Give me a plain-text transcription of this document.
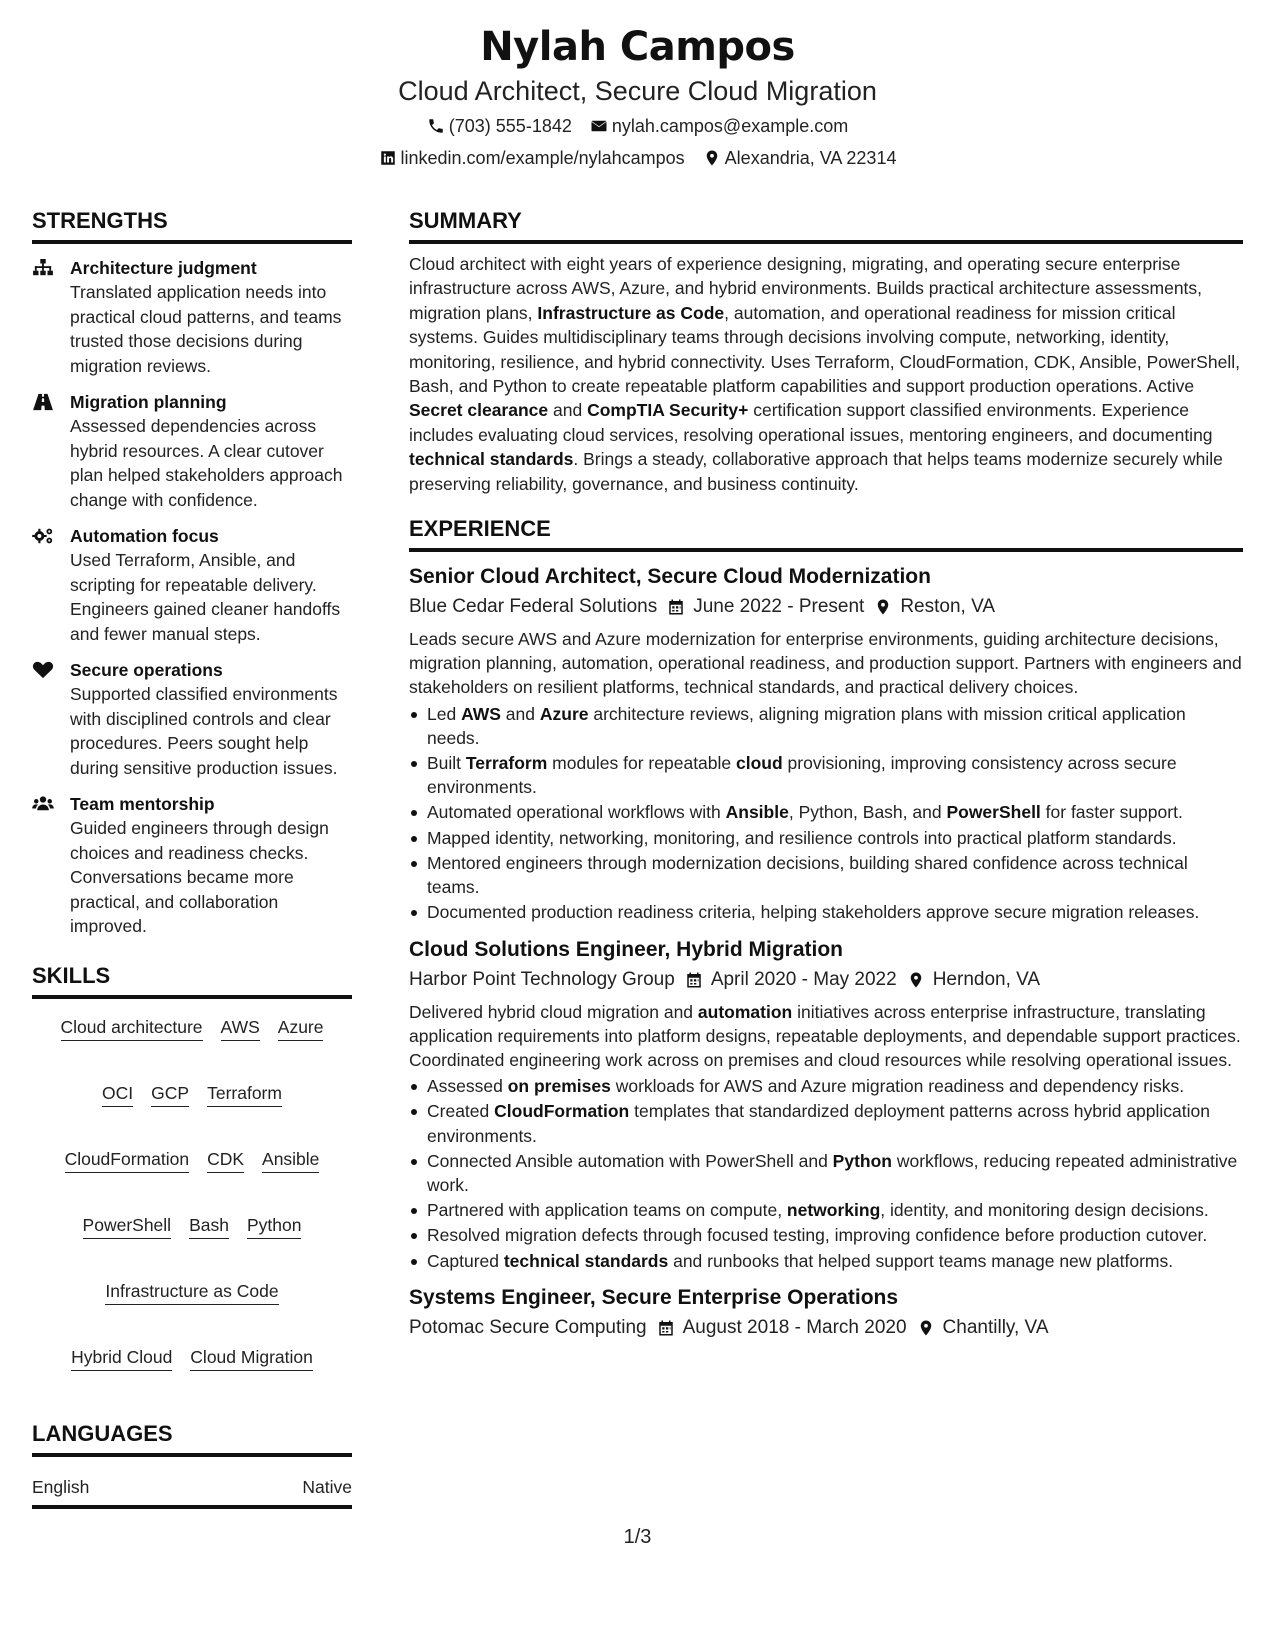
Nylah Campos
Cloud Architect, Secure Cloud Migration
(703) 555-1842 nylah.campos@example.com
linkedin.com/example/nylahcampos Alexandria, VA 22314
STRENGTHS
Architecture judgment
Translated application needs into practical cloud patterns, and teams trusted those decisions during migration reviews.
Migration planning
Assessed dependencies across hybrid resources. A clear cutover plan helped stakeholders approach change with confidence.
Automation focus
Used Terraform, Ansible, and scripting for repeatable delivery. Engineers gained cleaner handoffs and fewer manual steps.
Secure operations
Supported classified environments with disciplined controls and clear procedures. Peers sought help during sensitive production issues.
Team mentorship
Guided engineers through design choices and readiness checks. Conversations became more practical, and collaboration improved.
SKILLS
Cloud architecture AWS Azure
OCI GCP Terraform
CloudFormation CDK Ansible
PowerShell Bash Python
Infrastructure as Code
Hybrid Cloud Cloud Migration
LANGUAGES
English	Native
SUMMARY
Cloud architect with eight years of experience designing, migrating, and operating secure enterprise infrastructure across AWS, Azure, and hybrid environments. Builds practical architecture assessments, migration plans, Infrastructure as Code, automation, and operational readiness for mission critical systems. Guides multidisciplinary teams through decisions involving compute, networking, identity, monitoring, resilience, and hybrid connectivity. Uses Terraform, CloudFormation, CDK, Ansible, PowerShell, Bash, and Python to create repeatable platform capabilities and support production operations. Active Secret clearance and CompTIA Security+ certification support classified environments. Experience includes evaluating cloud services, resolving operational issues, mentoring engineers, and documenting technical standards. Brings a steady, collaborative approach that helps teams modernize securely while preserving reliability, governance, and business continuity.
EXPERIENCE
Senior Cloud Architect, Secure Cloud Modernization
Blue Cedar Federal Solutions June 2022 - Present Reston, VA
Leads secure AWS and Azure modernization for enterprise environments, guiding architecture decisions, migration planning, automation, operational readiness, and production support. Partners with engineers and stakeholders on resilient platforms, technical standards, and practical delivery choices.
Led AWS and Azure architecture reviews, aligning migration plans with mission critical application needs.
Built Terraform modules for repeatable cloud provisioning, improving consistency across secure environments.
Automated operational workflows with Ansible, Python, Bash, and PowerShell for faster support.
Mapped identity, networking, monitoring, and resilience controls into practical platform standards.
Mentored engineers through modernization decisions, building shared confidence across technical teams.
Documented production readiness criteria, helping stakeholders approve secure migration releases.
Cloud Solutions Engineer, Hybrid Migration
Harbor Point Technology Group April 2020 - May 2022 Herndon, VA
Delivered hybrid cloud migration and automation initiatives across enterprise infrastructure, translating application requirements into platform designs, repeatable deployments, and dependable support practices. Coordinated engineering work across on premises and cloud resources while resolving operational issues.
Assessed on premises workloads for AWS and Azure migration readiness and dependency risks.
Created CloudFormation templates that standardized deployment patterns across hybrid application environments.
Connected Ansible automation with PowerShell and Python workflows, reducing repeated administrative work.
Partnered with application teams on compute, networking, identity, and monitoring design decisions.
Resolved migration defects through focused testing, improving confidence before production cutover.
Captured technical standards and runbooks that helped support teams manage new platforms.
Systems Engineer, Secure Enterprise Operations
Potomac Secure Computing August 2018 - March 2020 Chantilly, VA
1/3
